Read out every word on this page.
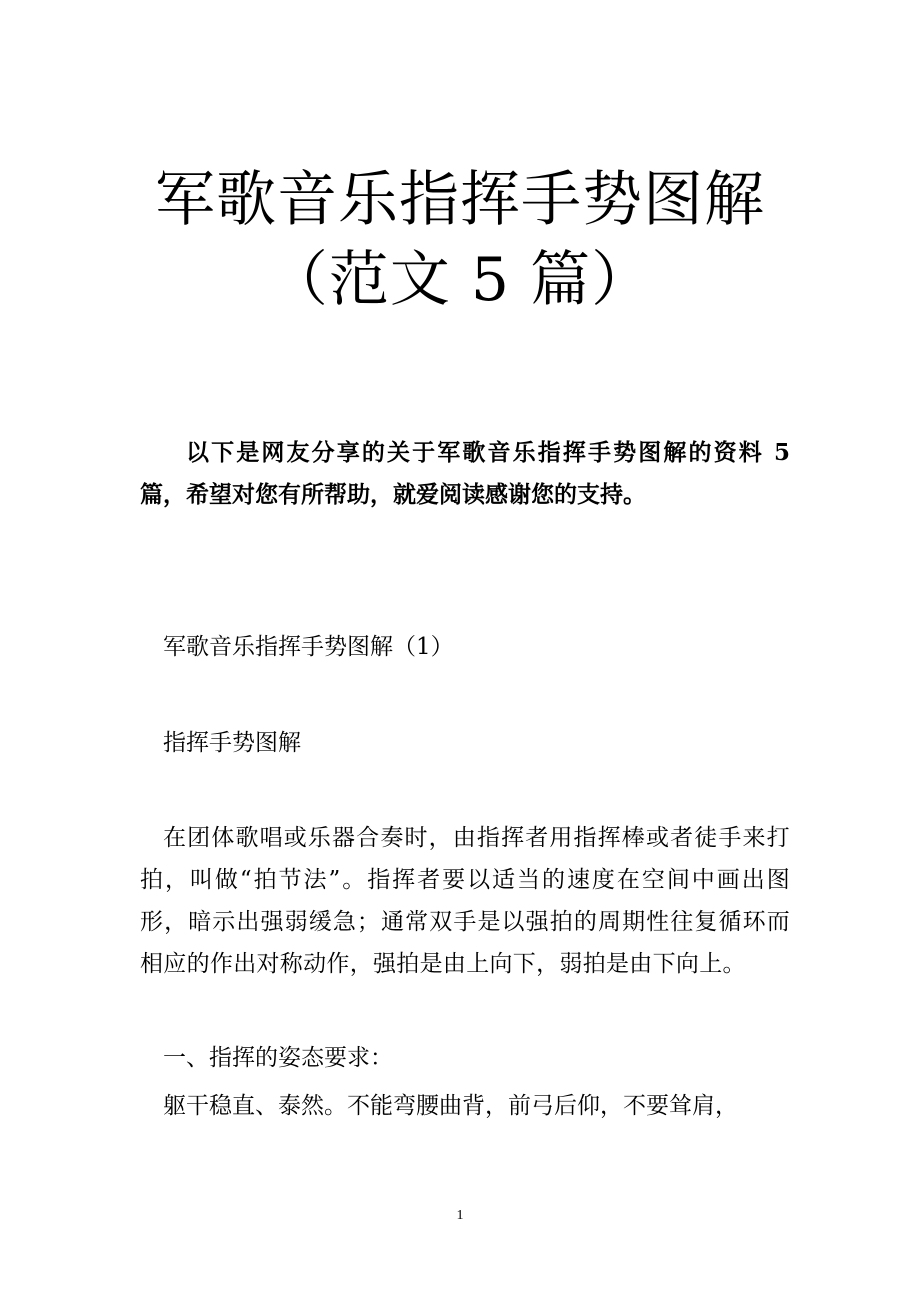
军歌音乐指挥手势图解
（范文 5 篇）

以下是网友分享的关于军歌音乐指挥手势图解的资料 5 篇，希望对您有所帮助，就爱阅读感谢您的支持。

军歌音乐指挥手势图解（1）

指挥手势图解

在团体歌唱或乐器合奏时，由指挥者用指挥棒或者徒手来打拍，叫做“拍节法”。指挥者要以适当的速度在空间中画出图形，暗示出强弱缓急；通常双手是以强拍的周期性往复循环而相应的作出对称动作，强拍是由上向下，弱拍是由下向上。

一、指挥的姿态要求：

躯干稳直、泰然。不能弯腰曲背，前弓后仰，不要耸肩，

1
